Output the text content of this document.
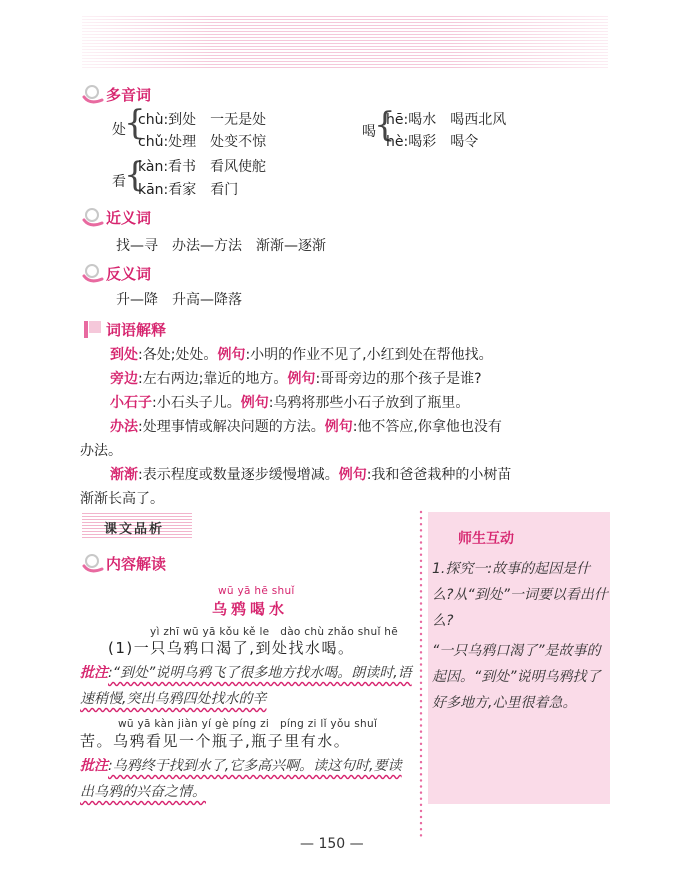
多音词
处
{
chù:到处　一无是处
chǔ:处理　处变不惊
看
{
kàn:看书　看风使舵
kān:看家　看门
喝
{
hē:喝水　喝西北风
hè:喝彩　喝令
近义词
找—寻　办法—方法　渐渐—逐渐
反义词
升—降　升高—降落
词语解释
到处:各处;处处。例句:小明的作业不见了,小红到处在帮他找。
旁边:左右两边;靠近的地方。例句:哥哥旁边的那个孩子是谁?
小石子:小石头子儿。例句:乌鸦将那些小石子放到了瓶里。
办法:处理事情或解决问题的方法。例句:他不答应,你拿他也没有
办法。
渐渐:表示程度或数量逐步缓慢增减。例句:我和爸爸栽种的小树苗
渐渐长高了。
课文品析
内容解读
wū yā hē shuǐ
乌鸦喝水
yì zhī wū yā kǒu kě le　dào chù zhǎo shuǐ hē
(1)一只乌鸦口渴了,到处找水喝。
批注:“到处”说明乌鸦飞了很多地方找水喝。朗读时,语速稍慢,突出乌鸦四处找水的辛
wū yā kàn jiàn yí gè píng zi　píng zi lǐ yǒu shuǐ
苦。乌鸦看见一个瓶子,瓶子里有水。
批注:乌鸦终于找到水了,它多高兴啊。读这句时,要读出乌鸦的兴奋之情。
师生互动
1.探究一:故事的起因是什么?从“到处”一词要以看出什么?
“一只乌鸦口渴了”是故事的起因。“到处”说明乌鸦找了好多地方,心里很着急。
— 150 —
